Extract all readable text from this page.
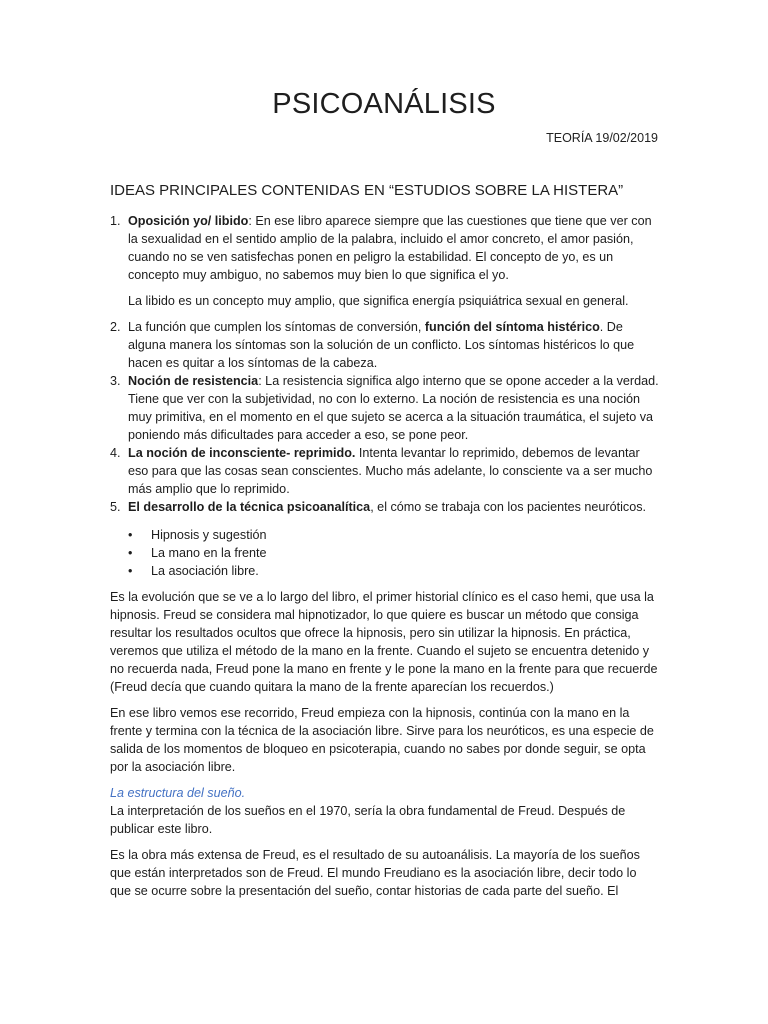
PSICOANÁLISIS
TEORÍA 19/02/2019
IDEAS PRINCIPALES CONTENIDAS EN “ESTUDIOS SOBRE LA HISTERA”
1. Oposición yo/ libido: En ese libro aparece siempre que las cuestiones que tiene que ver con la sexualidad en el sentido amplio de la palabra, incluido el amor concreto, el amor pasión, cuando no se ven satisfechas ponen en peligro la estabilidad. El concepto de yo, es un concepto muy ambiguo, no sabemos muy bien lo que significa el yo.

La libido es un concepto muy amplio, que significa energía psiquiátrica sexual en general.

2. La función que cumplen los síntomas de conversión, función del síntoma histérico. De alguna manera los síntomas son la solución de un conflicto. Los síntomas histéricos lo que hacen es quitar a los síntomas de la cabeza.
3. Noción de resistencia: La resistencia significa algo interno que se opone acceder a la verdad. Tiene que ver con la subjetividad, no con lo externo. La noción de resistencia es una noción muy primitiva, en el momento en el que sujeto se acerca a la situación traumática, el sujeto va poniendo más dificultades para acceder a eso, se pone peor.
4. La noción de inconsciente- reprimido. Intenta levantar lo reprimido, debemos de levantar eso para que las cosas sean conscientes. Mucho más adelante, lo consciente va a ser mucho más amplio que lo reprimido.
5. El desarrollo de la técnica psicoanalítica, el cómo se trabaja con los pacientes neuróticos.
•	Hipnosis y sugestión
•	La mano en la frente
•	La asociación libre.

Es la evolución que se ve a lo largo del libro, el primer historial clínico es el caso hemi, que usa la hipnosis. Freud se considera mal hipnotizador, lo que quiere es buscar un método que consiga resultar los resultados ocultos que ofrece la hipnosis, pero sin utilizar la hipnosis. En práctica, veremos que utiliza el método de la mano en la frente. Cuando el sujeto se encuentra detenido y no recuerda nada, Freud pone la mano en frente y le pone la mano en la frente para que recuerde (Freud decía que cuando quitara la mano de la frente aparecían los recuerdos.)

En ese libro vemos ese recorrido, Freud empieza con la hipnosis, continúa con la mano en la frente y termina con la técnica de la asociación libre. Sirve para los neuróticos, es una especie de salida de los momentos de bloqueo en psicoterapia, cuando no sabes por donde seguir, se opta por la asociación libre.

La estructura del sueño.

La interpretación de los sueños en el 1970, sería la obra fundamental de Freud. Después de publicar este libro.

Es la obra más extensa de Freud, es el resultado de su autoanálisis. La mayoría de los sueños que están interpretados son de Freud. El mundo Freudiano es la asociación libre, decir todo lo que se ocurre sobre la presentación del sueño, contar historias de cada parte del sueño. El
